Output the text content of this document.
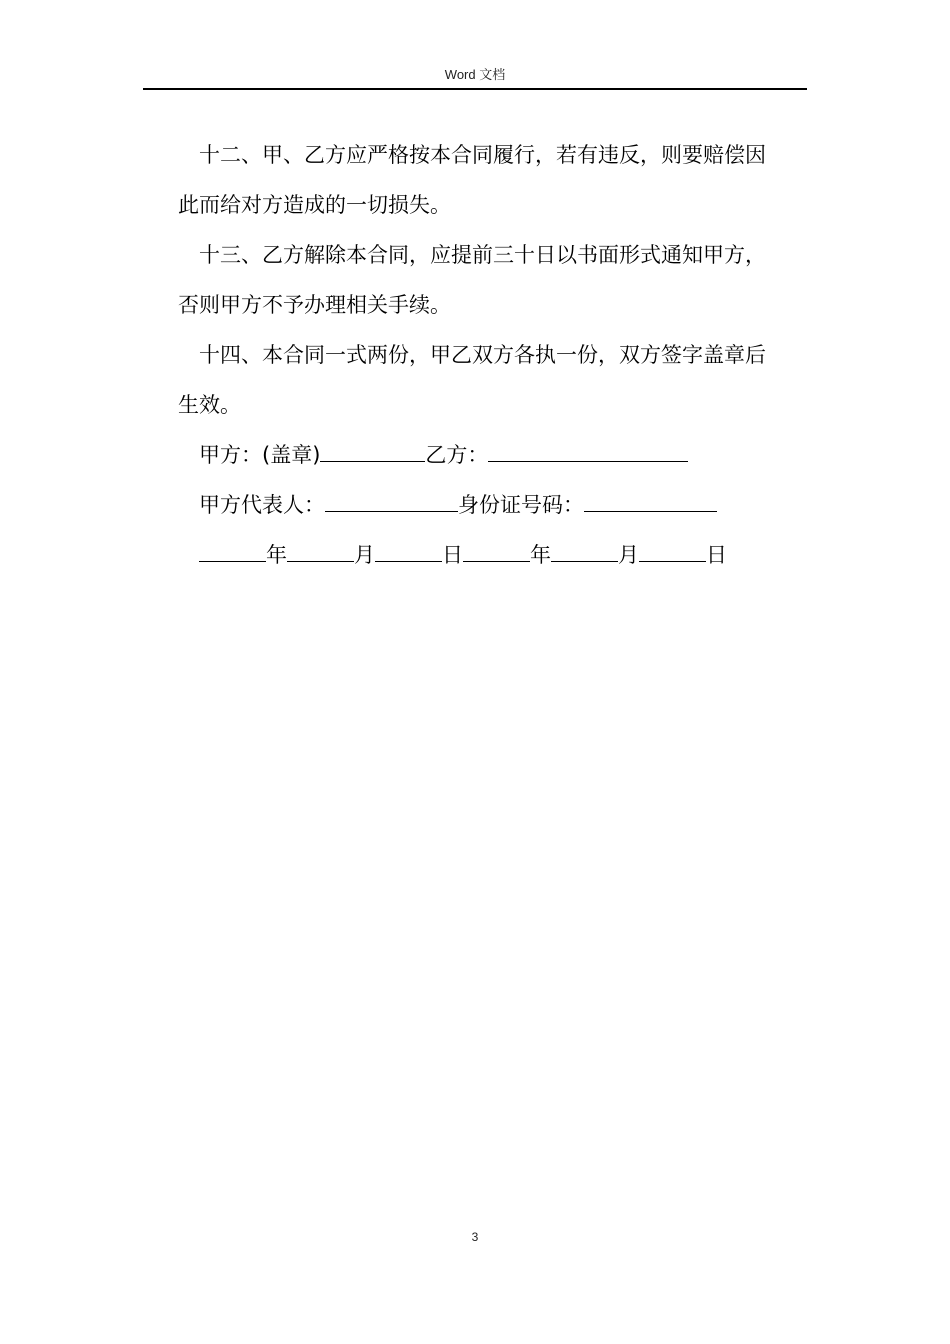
Word 文档

十二、甲、乙方应严格按本合同履行，若有违反，则要赔偿因

此而给对方造成的一切损失。

十三、乙方解除本合同，应提前三十日以书面形式通知甲方，

否则甲方不予办理相关手续。

十四、本合同一式两份，甲乙双方各执一份，双方签字盖章后

生效。

甲方：(盖章)	乙方：

甲方代表人：	身份证号码：

年	月	日	年	月	日

3
